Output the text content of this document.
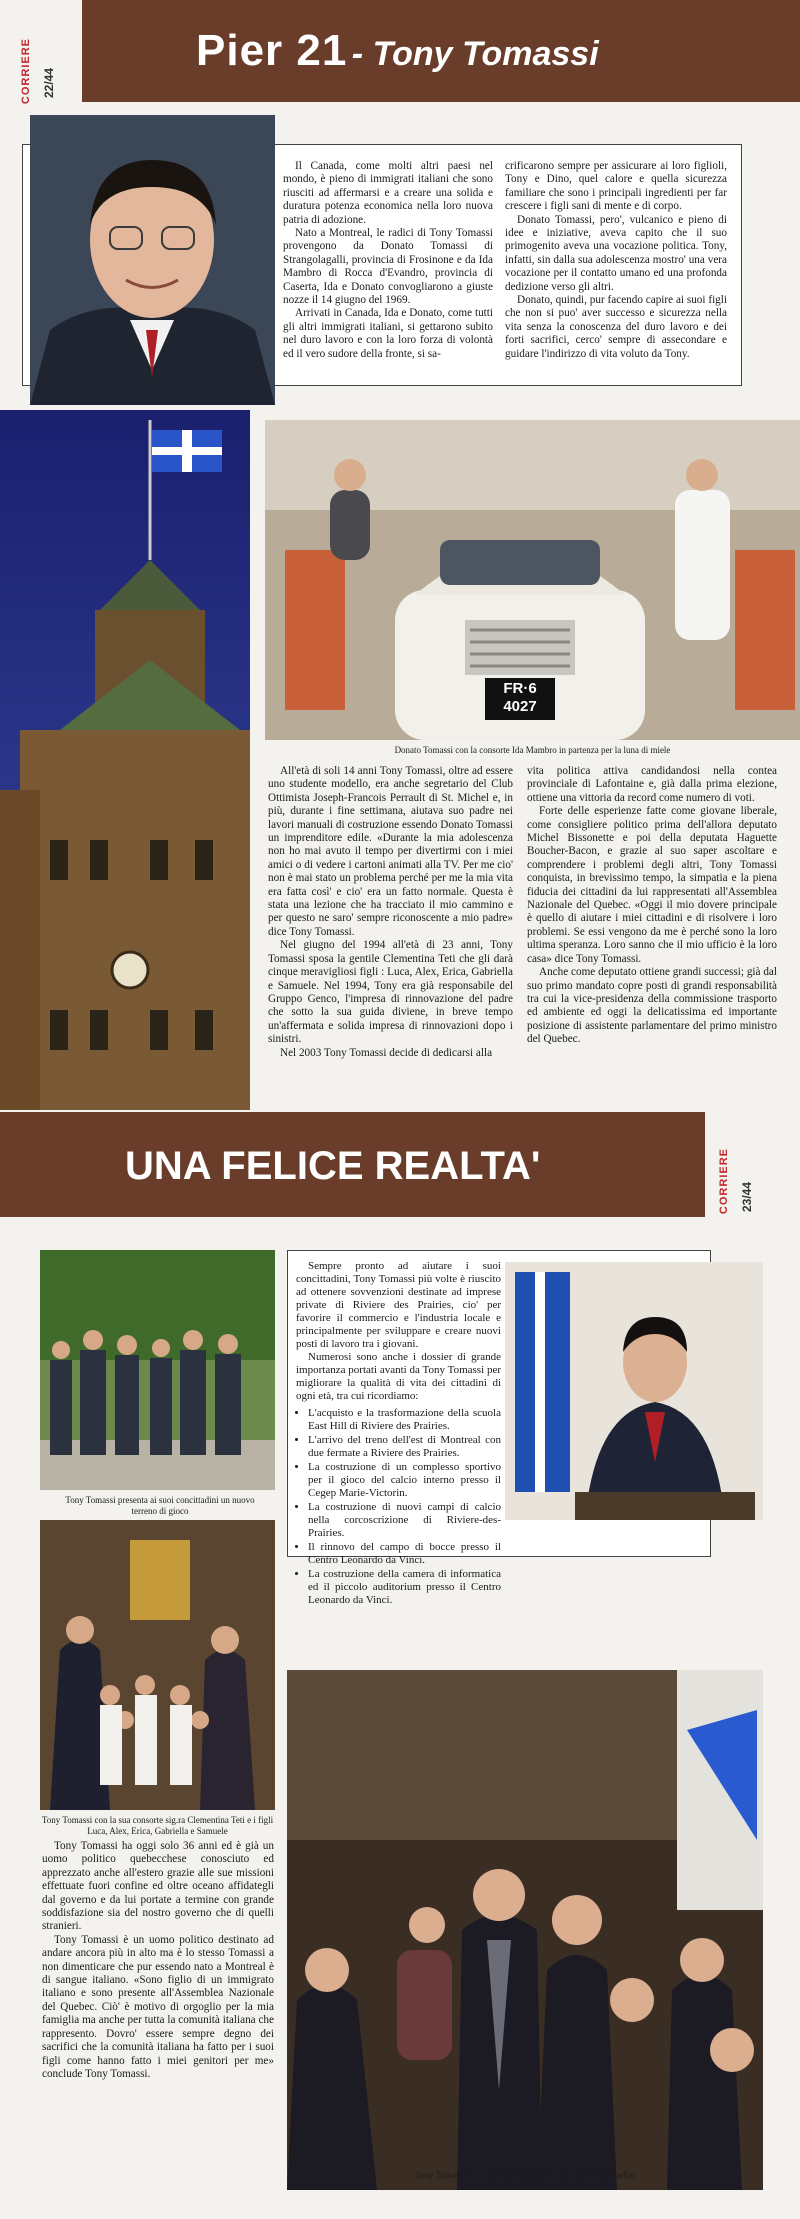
Pier 21 - Tony Tomassi
CORRIERE 22/44

Il Canada, come molti altri paesi nel mondo, è pieno di immigrati italiani che sono riusciti ad affermarsi e a creare una solida e duratura potenza economica nella loro nuova patria di adozione.

Nato a Montreal, le radici di Tony Tomassi provengono da Donato Tomassi di Strangolagalli, provincia di Frosinone e da Ida Mambro di Rocca d'Evandro, provincia di Caserta, Ida e Donato convogliarono a giuste nozze il 14 giugno del 1969.

Arrivati in Canada, Ida e Donato, come tutti gli altri immigrati italiani, si gettarono subito nel duro lavoro e con la loro forza di volontà ed il vero sudore della fronte, si sa-

crificarono sempre per assicurare ai loro figlioli, Tony e Dino, quel calore e quella sicurezza familiare che sono i principali ingredienti per far crescere i figli sani di mente e di corpo.

Donato Tomassi, pero', vulcanico e pieno di idee e iniziative, aveva capito che il suo primogenito aveva una vocazione politica. Tony, infatti, sin dalla sua adolescenza mostro' una vera vocazione per il contatto umano ed una profonda dedizione verso gli altri.

Donato, quindi, pur facendo capire ai suoi figli che non si puo' aver successo e sicurezza nella vita senza la conoscenza del duro lavoro e dei forti sacrifici, cerco' sempre di assecondare e guidare l'indirizzo di vita voluto da Tony.

FR·6 4027
Donato Tomassi con la consorte Ida Mambro in partenza per la luna di miele

All'età di soli 14 anni Tony Tomassi, oltre ad essere uno studente modello, era anche segretario del Club Ottimista Joseph-Francois Perrault di St. Michel e, in più, durante i fine settimana, aiutava suo padre nei lavori manuali di costruzione essendo Donato Tomassi un imprenditore edile. «Durante la mia adolescenza non ho mai avuto il tempo per divertirmi con i miei amici o di vedere i cartoni animati alla TV. Per me cio' non è mai stato un problema perché per me la mia vita era fatta così' e cio' era un fatto normale. Questa è stata una lezione che ha tracciato il mio cammino e per questo ne saro' sempre riconoscente a mio padre» dice Tony Tomassi.

Nel giugno del 1994 all'età di 23 anni, Tony Tomassi sposa la gentile Clementina Teti che gli darà cinque meravigliosi figli : Luca, Alex, Erica, Gabriella e Samuele. Nel 1994, Tony era già responsabile del Gruppo Genco, l'impresa di rinnovazione del padre che sotto la sua guida diviene, in breve tempo un'affermata e solida impresa di rinnovazioni dopo i sinistri.

Nel 2003 Tony Tomassi decide di dedicarsi alla

vita politica attiva candidandosi nella contea provinciale di Lafontaine e, già dalla prima elezione, ottiene una vittoria da record come numero di voti.

Forte delle esperienze fatte come giovane liberale, come consigliere politico prima dell'allora deputato Michel Bissonette e poi della deputata Haguette Boucher-Bacon, e grazie al suo saper ascoltare e comprendere i problemi degli altri, Tony Tomassi conquista, in brevissimo tempo, la simpatia e la piena fiducia dei cittadini da lui rappresentati all'Assemblea Nazionale del Quebec. «Oggi il mio dovere principale è quello di aiutare i miei cittadini e di risolvere i loro problemi. Se essi vengono da me è perché sono la loro ultima speranza. Loro sanno che il mio ufficio è la loro casa» dice Tony Tomassi.

Anche come deputato ottiene grandi successi; già dal suo primo mandato copre posti di grandi responsabilità tra cui la vice-presidenza della commissione trasporto ed ambiente ed oggi la delicatissima ed importante posizione di assistente parlamentare del primo ministro del Quebec.

UNA FELICE REALTA'	CORRIERE 23/44
Tony Tomassi presenta ai suoi concittadini un nuovo terreno di gioco

Sempre pronto ad aiutare i suoi concittadini, Tony Tomassi più volte è riuscito ad ottenere sovvenzioni destinate ad imprese private di Riviere des Prairies, cio' per favorire il commercio e l'industria locale e principalmente per sviluppare e creare nuovi posti di lavoro tra i giovani.

Numerosi sono anche i dossier di grande importanza portati avanti da Tony Tomassi per migliorare la qualità di vita dei cittadini di ogni età, tra cui ricordiamo:

• L'acquisto e la trasformazione della scuola East Hill di Riviere des Prairies.
• L'arrivo del treno dell'est di Montreal con due fermate a Riviere des Prairies.
• La costruzione di un complesso sportivo per il gioco del calcio interno presso il Cegep Marie-Victorin.
• La costruzione di nuovi campi di calcio nella corcoscrizione di Riviere-des-Prairies.
• Il rinnovo del campo di bocce presso il Centro Leonardo da Vinci.
• La costruzione della camera di informatica ed il piccolo auditorium presso il Centro Leonardo da Vinci.
Tony Tomassi con la sua consorte sig.ra Clementina Teti e i figli Luca, Alex, Erica, Gabriella e Samuele

Tony Tomassi ha oggi solo 36 anni ed è già un uomo politico quebecchese conosciuto ed apprezzato anche all'estero grazie alle sue missioni effettuate fuori confine ed oltre oceano affidategli dal governo e da lui portate a termine con grande soddisfazione sia del nostro governo che di quelli stranieri.

Tony Tomassi è un uomo politico destinato ad andare ancora più in alto ma è lo stesso Tomassi a non dimenticare che pur essendo nato a Montreal è di sangue italiano. «Sono figlio di un immigrato italiano e sono presente all'Assemblea Nazionale del Quebec. Ciò' è motivo di orgoglio per la mia famiglia ma anche per tutta la comunità italiana che rappresento. Dovro' essere sempre degno dei sacrifici che la comunità italiana ha fatto per i suoi figli come hanno fatto i miei genitori per me» conclude Tony Tomassi.

Tony Tomassi in un incontro familiare con i suoi concittadini
